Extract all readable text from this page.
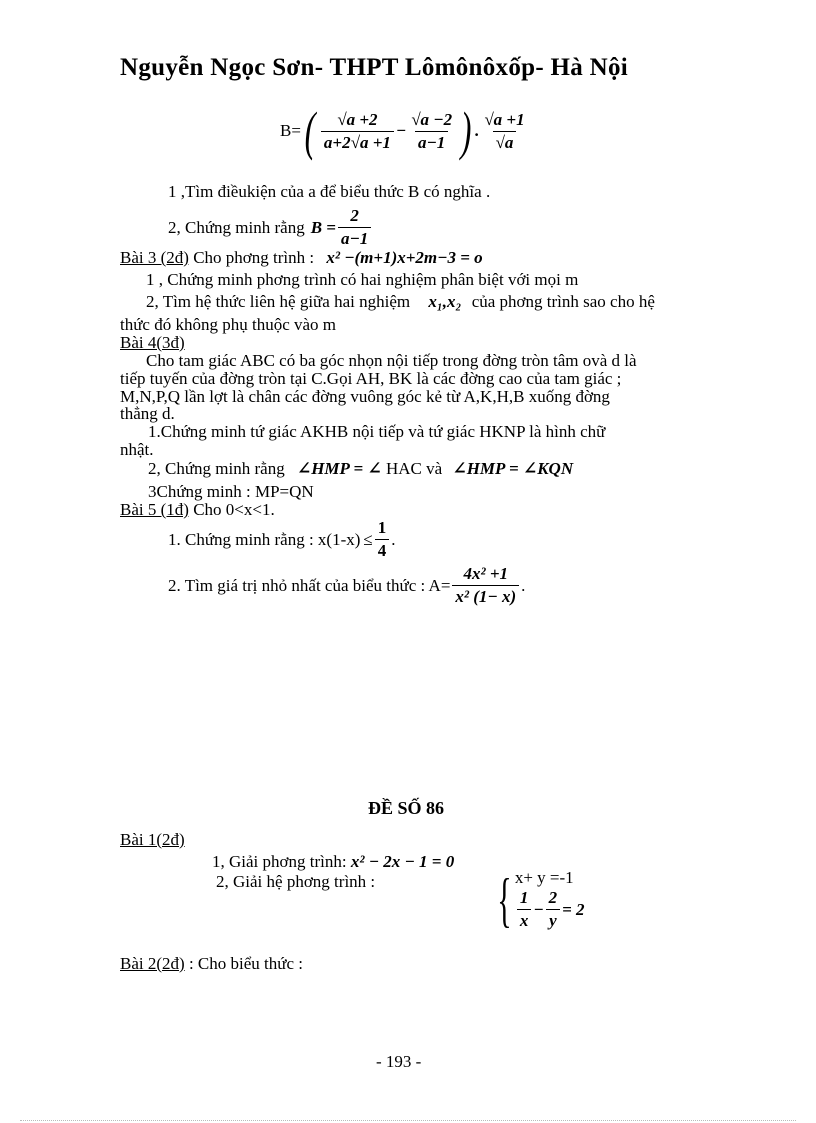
Nguyễn Ngọc Sơn- THPT Lômônôxốp- Hà Nội
B= ( $\frac{√a +2}{a+2√a +1} - \frac{√a -2}{a-1}$ ) . $\frac{√a +1}{√a}$
1 ,Tìm điềukiện của a để biểu thức B có nghĩa .
2, Chứng minh rằng $B = \frac{2}{a-1}$
Bài 3 (2đ) Cho phơng trình : x² −(m+1)x+2m−3 = o
1 , Chứng minh phơng trình có hai nghiệm phân biệt với mọi m
2, Tìm hệ thức liên hệ giữa hai nghiệm x₁,x₂ của phơng trình sao cho hệ
thức đó không phụ thuộc vào m
Bài 4(3đ)
Cho tam giác ABC có ba góc nhọn nội tiếp trong đờng tròn tâm ovà d là
tiếp tuyến của đờng tròn tại C.Gọi AH, BK là các đờng cao của tam giác ;
M,N,P,Q lần lợt là chân các đờng vuông góc kẻ từ A,K,H,B xuống đờng
thẳng d.
1.Chứng minh tứ giác AKHB nội tiếp và tứ giác HKNP là hình chữ
nhật.
2, Chứng minh rằng ∠HMP = ∠ HAC và ∠HMP = ∠KQN
3Chứng minh : MP=QN
Bài 5 (1đ) Cho 0<x<1.
1. Chứng minh rằng : $x(1-x) \le \frac{1}{4}$ .
2. Tìm giá trị nhỏ nhất của biểu thức : $A= \frac{\text{4x² +1}}{\text{x² (1− x)}}$ .
ĐỀ SỐ 86
Bài 1(2đ)
1, Giải phơng trình: x² − 2x − 1 = 0
2, Giải hệ phơng trình : { x+ y =-1
$\frac{1}{x} - \frac{2}{y} = 2$
Bài 2(2đ) : Cho biểu thức :
- 193 -
